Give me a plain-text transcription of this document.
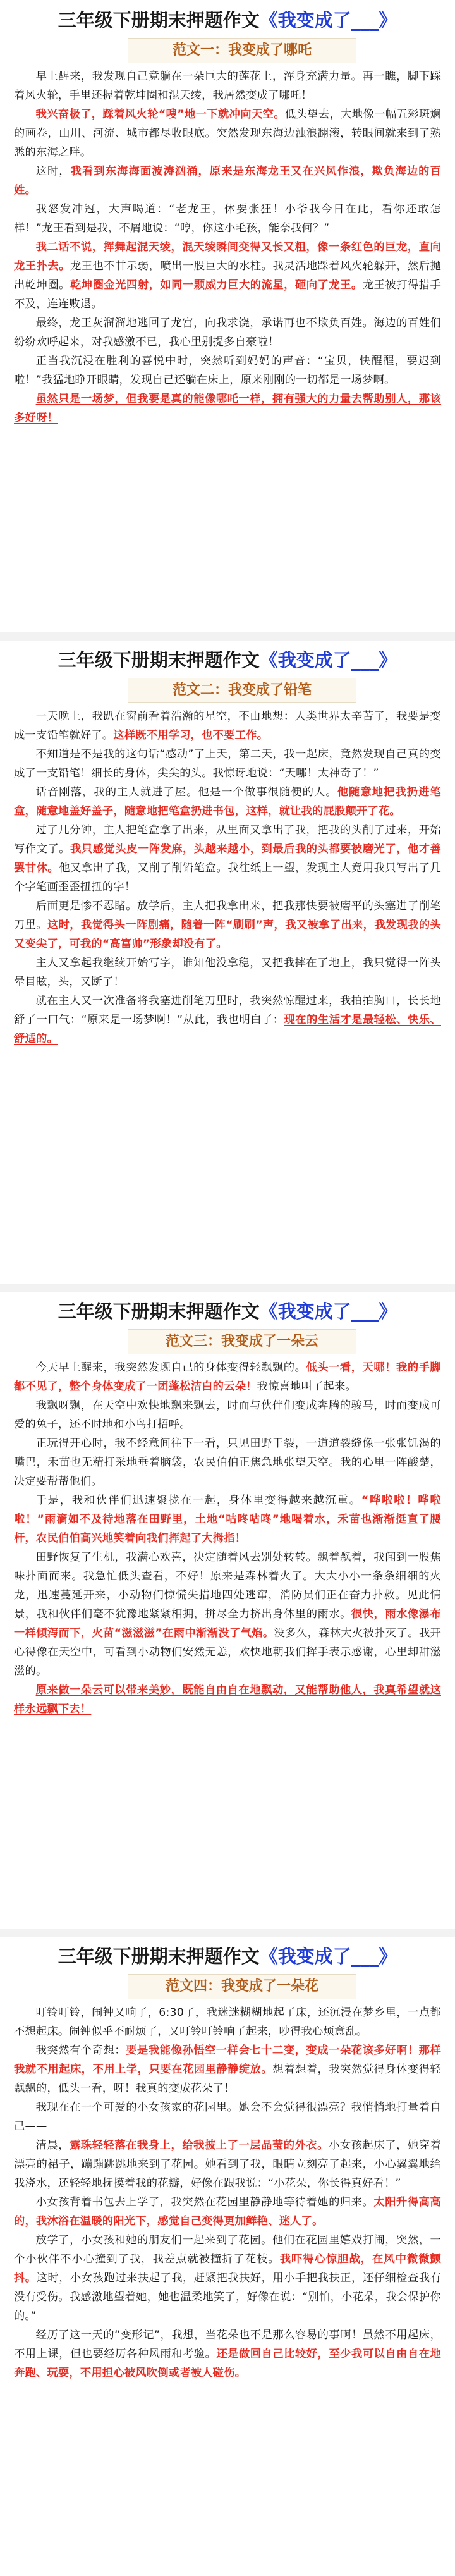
三年级下册期末押题作文《我变成了___》
范文一：我变成了哪吒

早上醒来，我发现自己竟躺在一朵巨大的莲花上，浑身充满力量。再一瞧，脚下踩着风火轮，手里还握着乾坤圈和混天绫，我居然变成了哪吒！

我兴奋极了，踩着风火轮“嗖”地一下就冲向天空。低头望去，大地像一幅五彩斑斓的画卷，山川、河流、城市都尽收眼底。突然发现东海边浊浪翻滚，转眼间就来到了熟悉的东海之畔。

这时，我看到东海海面波涛汹涌，原来是东海龙王又在兴风作浪，欺负海边的百姓。

我怒发冲冠，大声喝道：“老龙王，休要张狂！小爷我今日在此，看你还敢怎样！”龙王看到是我，不屑地说：“哼，你这小毛孩，能奈我何？”

我二话不说，挥舞起混天绫，混天绫瞬间变得又长又粗，像一条红色的巨龙，直向龙王扑去。龙王也不甘示弱，喷出一股巨大的水柱。我灵活地踩着风火轮躲开，然后抛出乾坤圈。乾坤圈金光四射，如同一颗威力巨大的流星，砸向了龙王。龙王被打得措手不及，连连败退。

最终，龙王灰溜溜地逃回了龙宫，向我求饶，承诺再也不欺负百姓。海边的百姓们纷纷欢呼起来，对我感激不已，我心里别提多自豪啦！

正当我沉浸在胜利的喜悦中时，突然听到妈妈的声音：“宝贝，快醒醒，要迟到啦！”我猛地睁开眼睛，发现自己还躺在床上，原来刚刚的一切都是一场梦啊。

虽然只是一场梦，但我要是真的能像哪吒一样，拥有强大的力量去帮助别人，那该多好呀！

三年级下册期末押题作文《我变成了___》
范文二：我变成了铅笔

一天晚上，我趴在窗前看着浩瀚的星空，不由地想：人类世界太辛苦了，我要是变成一支铅笔就好了。这样既不用学习，也不要工作。

不知道是不是我的这句话“感动”了上天，第二天，我一起床，竟然发现自己真的变成了一支铅笔！细长的身体，尖尖的头。我惊讶地说：“天哪！太神奇了！”

话音刚落，我的主人就进了屋。他是一个做事很随便的人。他随意地把我扔进笔盒，随意地盖好盖子，随意地把笔盒扔进书包，这样，就让我的屁股颠开了花。

过了几分钟，主人把笔盒拿了出来，从里面又拿出了我，把我的头削了过来，开始写作文了。我只感觉头皮一阵发麻，头越来越小，到最后我的头都要被磨光了，他才善罢甘休。他又拿出了我，又削了削铅笔盒。我往纸上一望，发现主人竟用我只写出了几个字笔画歪歪扭扭的字！

后面更是惨不忍睹。放学后，主人把我拿出来，把我那快要被磨平的头塞进了削笔刀里。这时，我觉得头一阵剧痛，随着一阵“刷刷”声，我又被拿了出来，我发现我的头又变尖了，可我的“高富帅”形象却没有了。

主人又拿起我继续开始写字，谁知他没拿稳，又把我摔在了地上，我只觉得一阵头晕目眩，头，又断了！

就在主人又一次准备将我塞进削笔刀里时，我突然惊醒过来，我拍拍胸口，长长地舒了一口气：“原来是一场梦啊！”从此，我也明白了：现在的生活才是最轻松、快乐、舒适的。

三年级下册期末押题作文《我变成了___》
范文三：我变成了一朵云

今天早上醒来，我突然发现自己的身体变得轻飘飘的。低头一看，天哪！我的手脚都不见了，整个身体变成了一团蓬松洁白的云朵！我惊喜地叫了起来。

我飘呀飘，在天空中欢快地飘来飘去，时而与伙伴们变成奔腾的骏马，时而变成可爱的兔子，还不时地和小鸟打招呼。

正玩得开心时，我不经意间往下一看，只见田野干裂，一道道裂缝像一张张饥渴的嘴巴，禾苗也无精打采地垂着脑袋，农民伯伯正焦急地张望天空。我的心里一阵酸楚，决定要帮帮他们。

于是，我和伙伴们迅速聚拢在一起，身体里变得越来越沉重。“哗啦啦！哗啦啦！”雨滴如不及待地落在田野里，土地“咕咚咕咚”地喝着水，禾苗也渐渐挺直了腰杆，农民伯伯高兴地笑着向我们挥起了大拇指！

田野恢复了生机，我满心欢喜，决定随着风去别处转转。飘着飘着，我闻到一股焦味扑面而来。我急忙低头查看，不好！原来是森林着火了。大大小小一条条细细的火龙，迅速蔓延开来，小动物们惊慌失措地四处逃窜，消防员们正在奋力扑救。见此情景，我和伙伴们毫不犹豫地紧紧相拥，拼尽全力挤出身体里的雨水。很快，雨水像瀑布一样倾泻而下，火苗“滋滋滋”在雨中渐渐没了气焰。没多久，森林大火被扑灭了。我开心得像在天空中，可看到小动物们安然无恙，欢快地朝我们挥手表示感谢，心里却甜滋滋的。

原来做一朵云可以带来美妙，既能自由自在地飘动，又能帮助他人，我真希望就这样永远飘下去！

三年级下册期末押题作文《我变成了___》
范文四：我变成了一朵花

叮铃叮铃，闹钟又响了，6:30了，我迷迷糊糊地起了床，还沉浸在梦乡里，一点都不想起床。闹钟似乎不耐烦了，又叮铃叮铃响了起来，吵得我心烦意乱。

我突然有个奇想：要是我能像孙悟空一样会七十二变，变成一朵花该多好啊！那样我就不用起床，不用上学，只要在花园里静静绽放。想着想着，我突然觉得身体变得轻飘飘的，低头一看，呀！我真的变成花朵了！

我现在在一个可爱的小女孩家的花园里。她会不会觉得很漂亮？我悄悄地打量着自己——

清晨，露珠轻轻落在我身上，给我披上了一层晶莹的外衣。小女孩起床了，她穿着漂亮的裙子，蹦蹦跳跳地来到了花园。她看到了我，眼睛立刻亮了起来，小心翼翼地给我浇水，还轻轻地抚摸着我的花瓣，好像在跟我说：“小花朵，你长得真好看！”

小女孩背着书包去上学了，我突然在花园里静静地等待着她的归来。太阳升得高高的，我沐浴在温暖的阳光下，感觉自己变得更加鲜艳、迷人了。

放学了，小女孩和她的朋友们一起来到了花园。他们在花园里嬉戏打闹，突然，一个小伙伴不小心撞到了我，我差点就被撞折了花枝。我吓得心惊胆战，在风中微微颤抖。这时，小女孩跑过来扶起了我，赶紧把我扶好，用小手把我扶正，还仔细检查我有没有受伤。我感激地望着她，她也温柔地笑了，好像在说：“别怕，小花朵，我会保护你的。”

经历了这一天的“变形记”，我想，当花朵也不是那么容易的事啊！虽然不用起床，不用上课，但也要经历各种风雨和考验。还是做回自己比较好，至少我可以自由自在地奔跑、玩耍，不用担心被风吹倒或者被人碰伤。
